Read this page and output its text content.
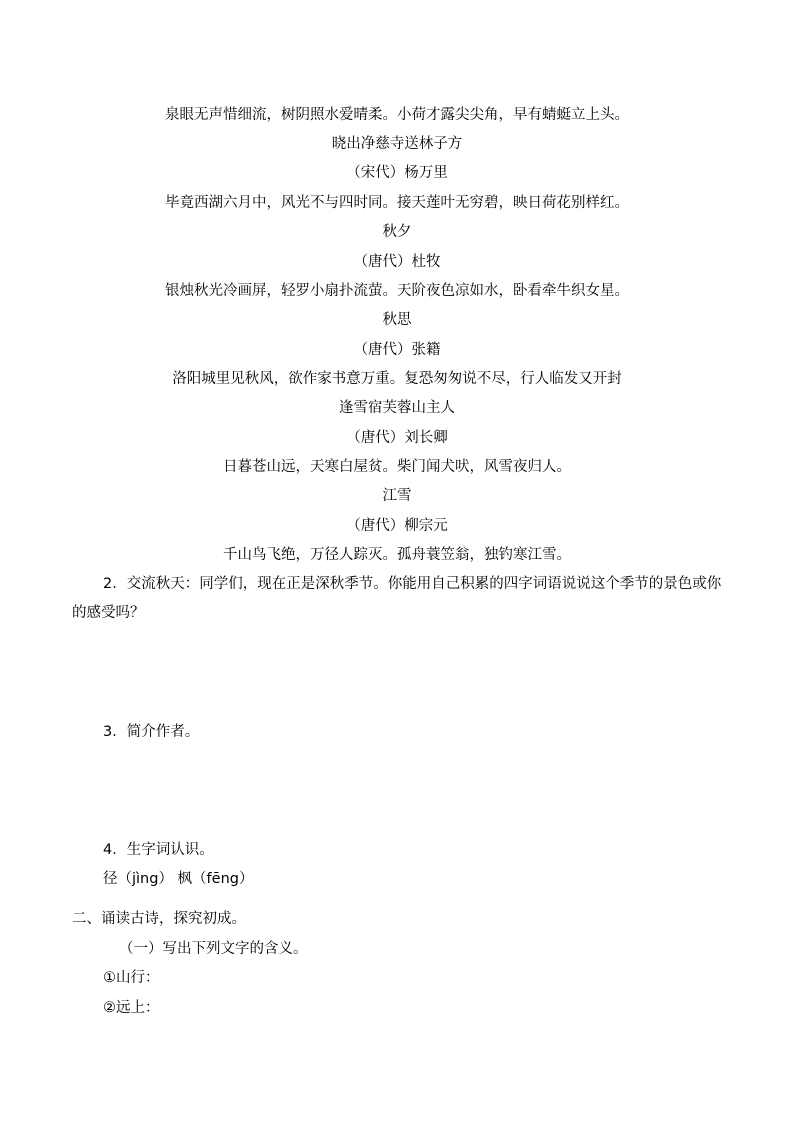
泉眼无声惜细流，树阴照水爱晴柔。小荷才露尖尖角，早有蜻蜓立上头。
晓出净慈寺送林子方
（宋代）杨万里
毕竟西湖六月中，风光不与四时同。接天莲叶无穷碧，映日荷花别样红。
秋夕
（唐代）杜牧
银烛秋光冷画屏，轻罗小扇扑流萤。天阶夜色凉如水，卧看牵牛织女星。
秋思
（唐代）张籍
洛阳城里见秋风，欲作家书意万重。复恐匆匆说不尽，行人临发又开封
逢雪宿芙蓉山主人
（唐代）刘长卿
日暮苍山远，天寒白屋贫。柴门闻犬吠，风雪夜归人。
江雪
（唐代）柳宗元
千山鸟飞绝，万径人踪灭。孤舟蓑笠翁，独钓寒江雪。
2．交流秋天：同学们，现在正是深秋季节。你能用自己积累的四字词语说说这个季节的景色或你的感受吗？
3．简介作者。
4．生字词认识。
径（jìng） 枫（fēng）
二、诵读古诗，探究初成。
（一）写出下列文字的含义。
①山行：
②远上：
